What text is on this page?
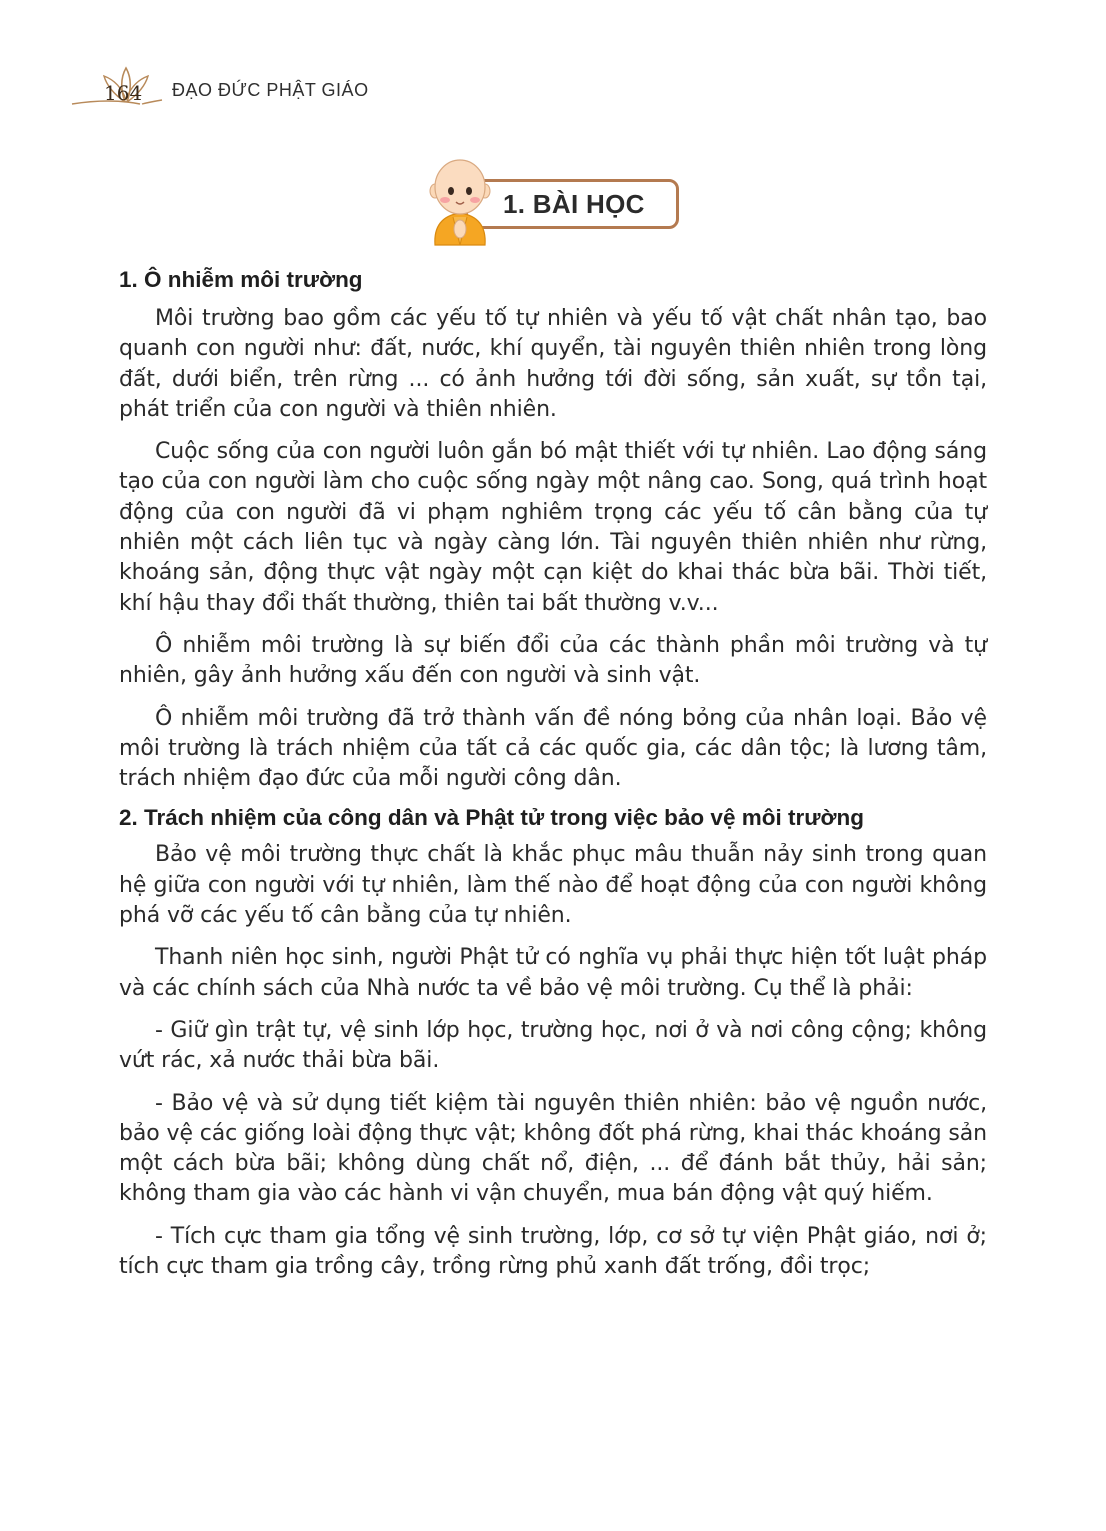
164 ĐẠO ĐỨC PHẬT GIÁO
1. BÀI HỌC
1. Ô nhiễm môi trường

Môi trường bao gồm các yếu tố tự nhiên và yếu tố vật chất nhân tạo, bao quanh con người như: đất, nước, khí quyển, tài nguyên thiên nhiên trong lòng đất, dưới biển, trên rừng ... có ảnh hưởng tới đời sống, sản xuất, sự tồn tại, phát triển của con người và thiên nhiên.

Cuộc sống của con người luôn gắn bó mật thiết với tự nhiên. Lao động sáng tạo của con người làm cho cuộc sống ngày một nâng cao. Song, quá trình hoạt động của con người đã vi phạm nghiêm trọng các yếu tố cân bằng của tự nhiên một cách liên tục và ngày càng lớn. Tài nguyên thiên nhiên như rừng, khoáng sản, động thực vật ngày một cạn kiệt do khai thác bừa bãi. Thời tiết, khí hậu thay đổi thất thường, thiên tai bất thường v.v...

Ô nhiễm môi trường là sự biến đổi của các thành phần môi trường và tự nhiên, gây ảnh hưởng xấu đến con người và sinh vật.

Ô nhiễm môi trường đã trở thành vấn đề nóng bỏng của nhân loại. Bảo vệ môi trường là trách nhiệm của tất cả các quốc gia, các dân tộc; là lương tâm, trách nhiệm đạo đức của mỗi người công dân.

2. Trách nhiệm của công dân và Phật tử trong việc bảo vệ môi trường

Bảo vệ môi trường thực chất là khắc phục mâu thuẫn nảy sinh trong quan hệ giữa con người với tự nhiên, làm thế nào để hoạt động của con người không phá vỡ các yếu tố cân bằng của tự nhiên.

Thanh niên học sinh, người Phật tử có nghĩa vụ phải thực hiện tốt luật pháp và các chính sách của Nhà nước ta về bảo vệ môi trường. Cụ thể là phải:

- Giữ gìn trật tự, vệ sinh lớp học, trường học, nơi ở và nơi công cộng; không vứt rác, xả nước thải bừa bãi.

- Bảo vệ và sử dụng tiết kiệm tài nguyên thiên nhiên: bảo vệ nguồn nước, bảo vệ các giống loài động thực vật; không đốt phá rừng, khai thác khoáng sản một cách bừa bãi; không dùng chất nổ, điện, ... để đánh bắt thủy, hải sản; không tham gia vào các hành vi vận chuyển, mua bán động vật quý hiếm.

- Tích cực tham gia tổng vệ sinh trường, lớp, cơ sở tự viện Phật giáo, nơi ở; tích cực tham gia trồng cây, trồng rừng phủ xanh đất trống, đồi trọc;
